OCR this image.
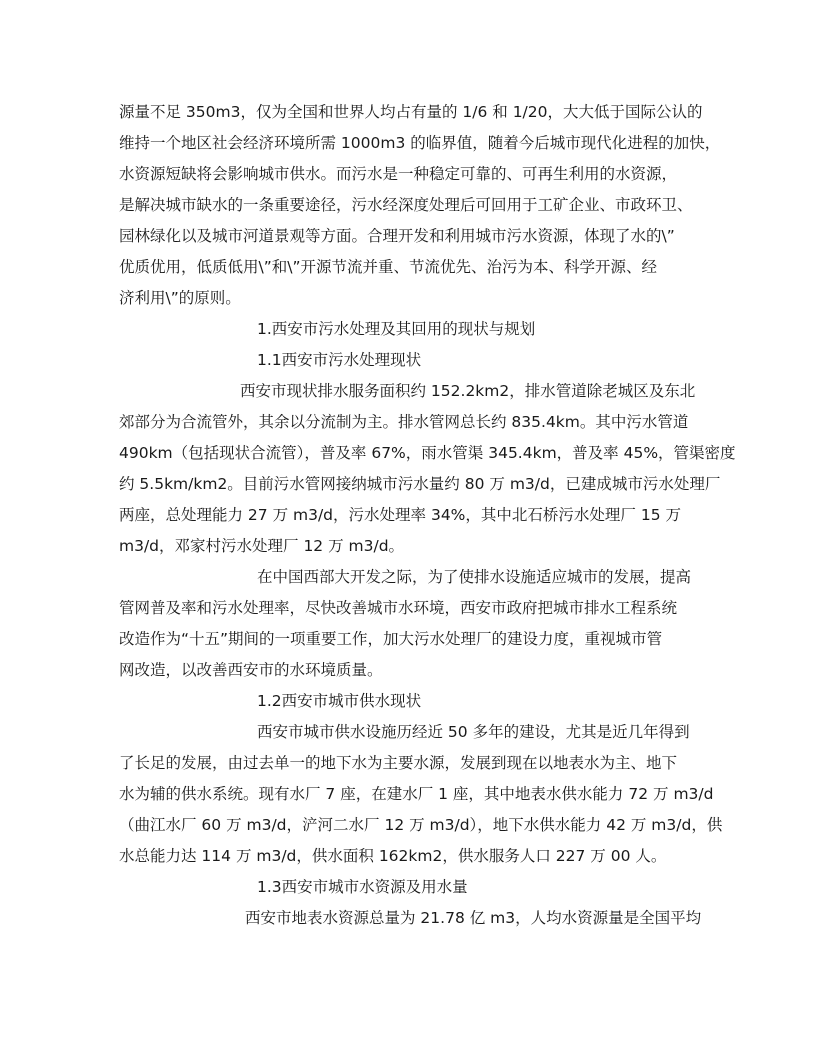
源量不足 350m3，仅为全国和世界人均占有量的 1/6 和 1/20，大大低于国际公认的
维持一个地区社会经济环境所需 1000m3 的临界值，随着今后城市现代化进程的加快，
水资源短缺将会影响城市供水。而污水是一种稳定可靠的、可再生利用的水资源，
是解决城市缺水的一条重要途径，污水经深度处理后可回用于工矿企业、市政环卫、
园林绿化以及城市河道景观等方面。合理开发和利用城市污水资源，体现了水的\”
优质优用，低质低用\”和\”开源节流并重、节流优先、治污为本、科学开源、经
济利用\”的原则。
1.西安市污水处理及其回用的现状与规划
1.1西安市污水处理现状
西安市现状排水服务面积约 152.2km2，排水管道除老城区及东北
郊部分为合流管外，其余以分流制为主。排水管网总长约 835.4km。其中污水管道
490km（包括现状合流管），普及率 67%，雨水管渠 345.4km，普及率 45%，管渠密度
约 5.5km/km2。目前污水管网接纳城市污水量约 80 万 m3/d，已建成城市污水处理厂
两座，总处理能力 27 万 m3/d，污水处理率 34%，其中北石桥污水处理厂 15 万
m3/d，邓家村污水处理厂 12 万 m3/d。
在中国西部大开发之际，为了使排水设施适应城市的发展，提高
管网普及率和污水处理率，尽快改善城市水环境，西安市政府把城市排水工程系统
改造作为“十五”期间的一项重要工作，加大污水处理厂的建设力度，重视城市管
网改造，以改善西安市的水环境质量。
1.2西安市城市供水现状
西安市城市供水设施历经近 50 多年的建设，尤其是近几年得到
了长足的发展，由过去单一的地下水为主要水源，发展到现在以地表水为主、地下
水为辅的供水系统。现有水厂 7 座，在建水厂 1 座，其中地表水供水能力 72 万 m3/d
（曲江水厂 60 万 m3/d，浐河二水厂 12 万 m3/d），地下水供水能力 42 万 m3/d，供
水总能力达 114 万 m3/d，供水面积 162km2，供水服务人口 227 万 00 人。
1.3西安市城市水资源及用水量
西安市地表水资源总量为 21.78 亿 m3，人均水资源量是全国平均
